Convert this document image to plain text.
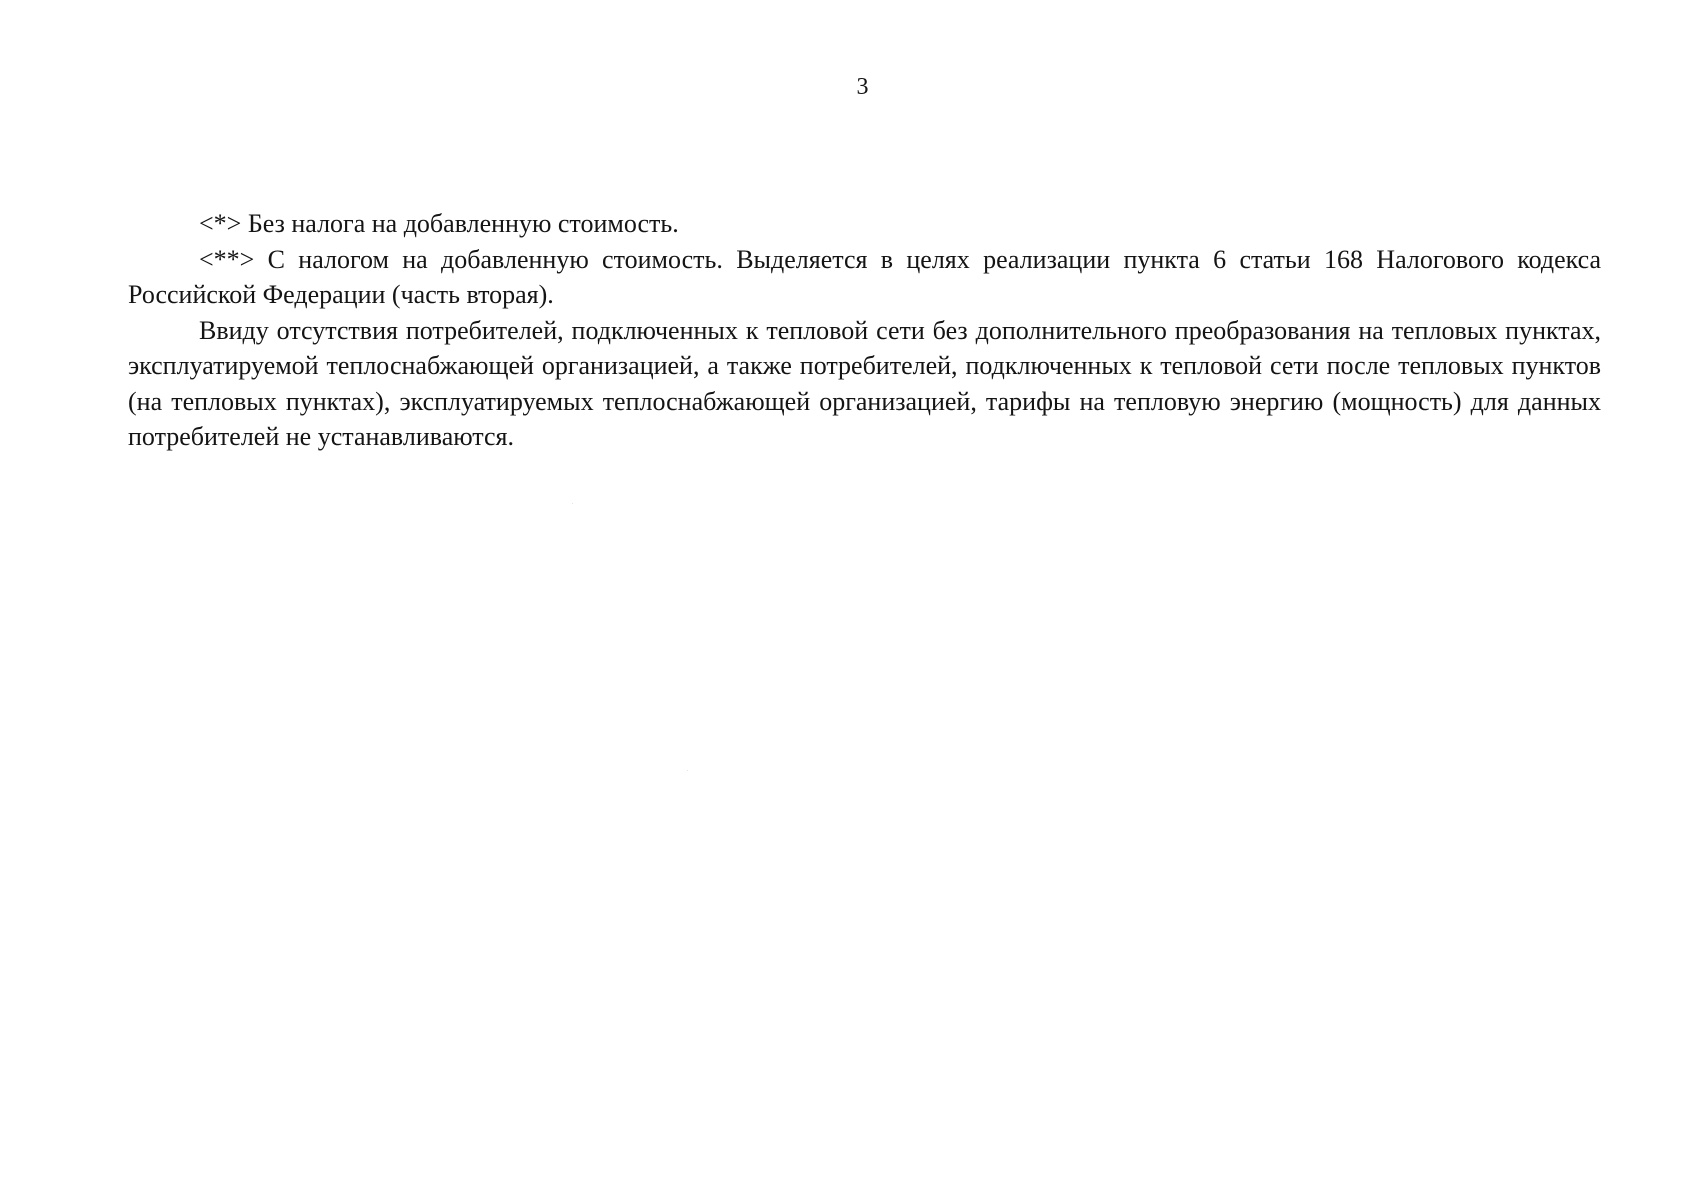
3

<*> Без налога на добавленную стоимость.

<**> С налогом на добавленную стоимость. Выделяется в целях реализации пункта 6 статьи 168 Налогового кодекса Российской Федерации (часть вторая).

Ввиду отсутствия потребителей, подключенных к тепловой сети без дополнительного преобразования на тепловых пунктах, эксплуатируемой теплоснабжающей организацией, а также потребителей, подключенных к тепловой сети после тепловых пунктов (на тепловых пунктах), эксплуатируемых теплоснабжающей организацией, тарифы на тепловую энергию (мощность) для данных потребителей не устанавливаются.
